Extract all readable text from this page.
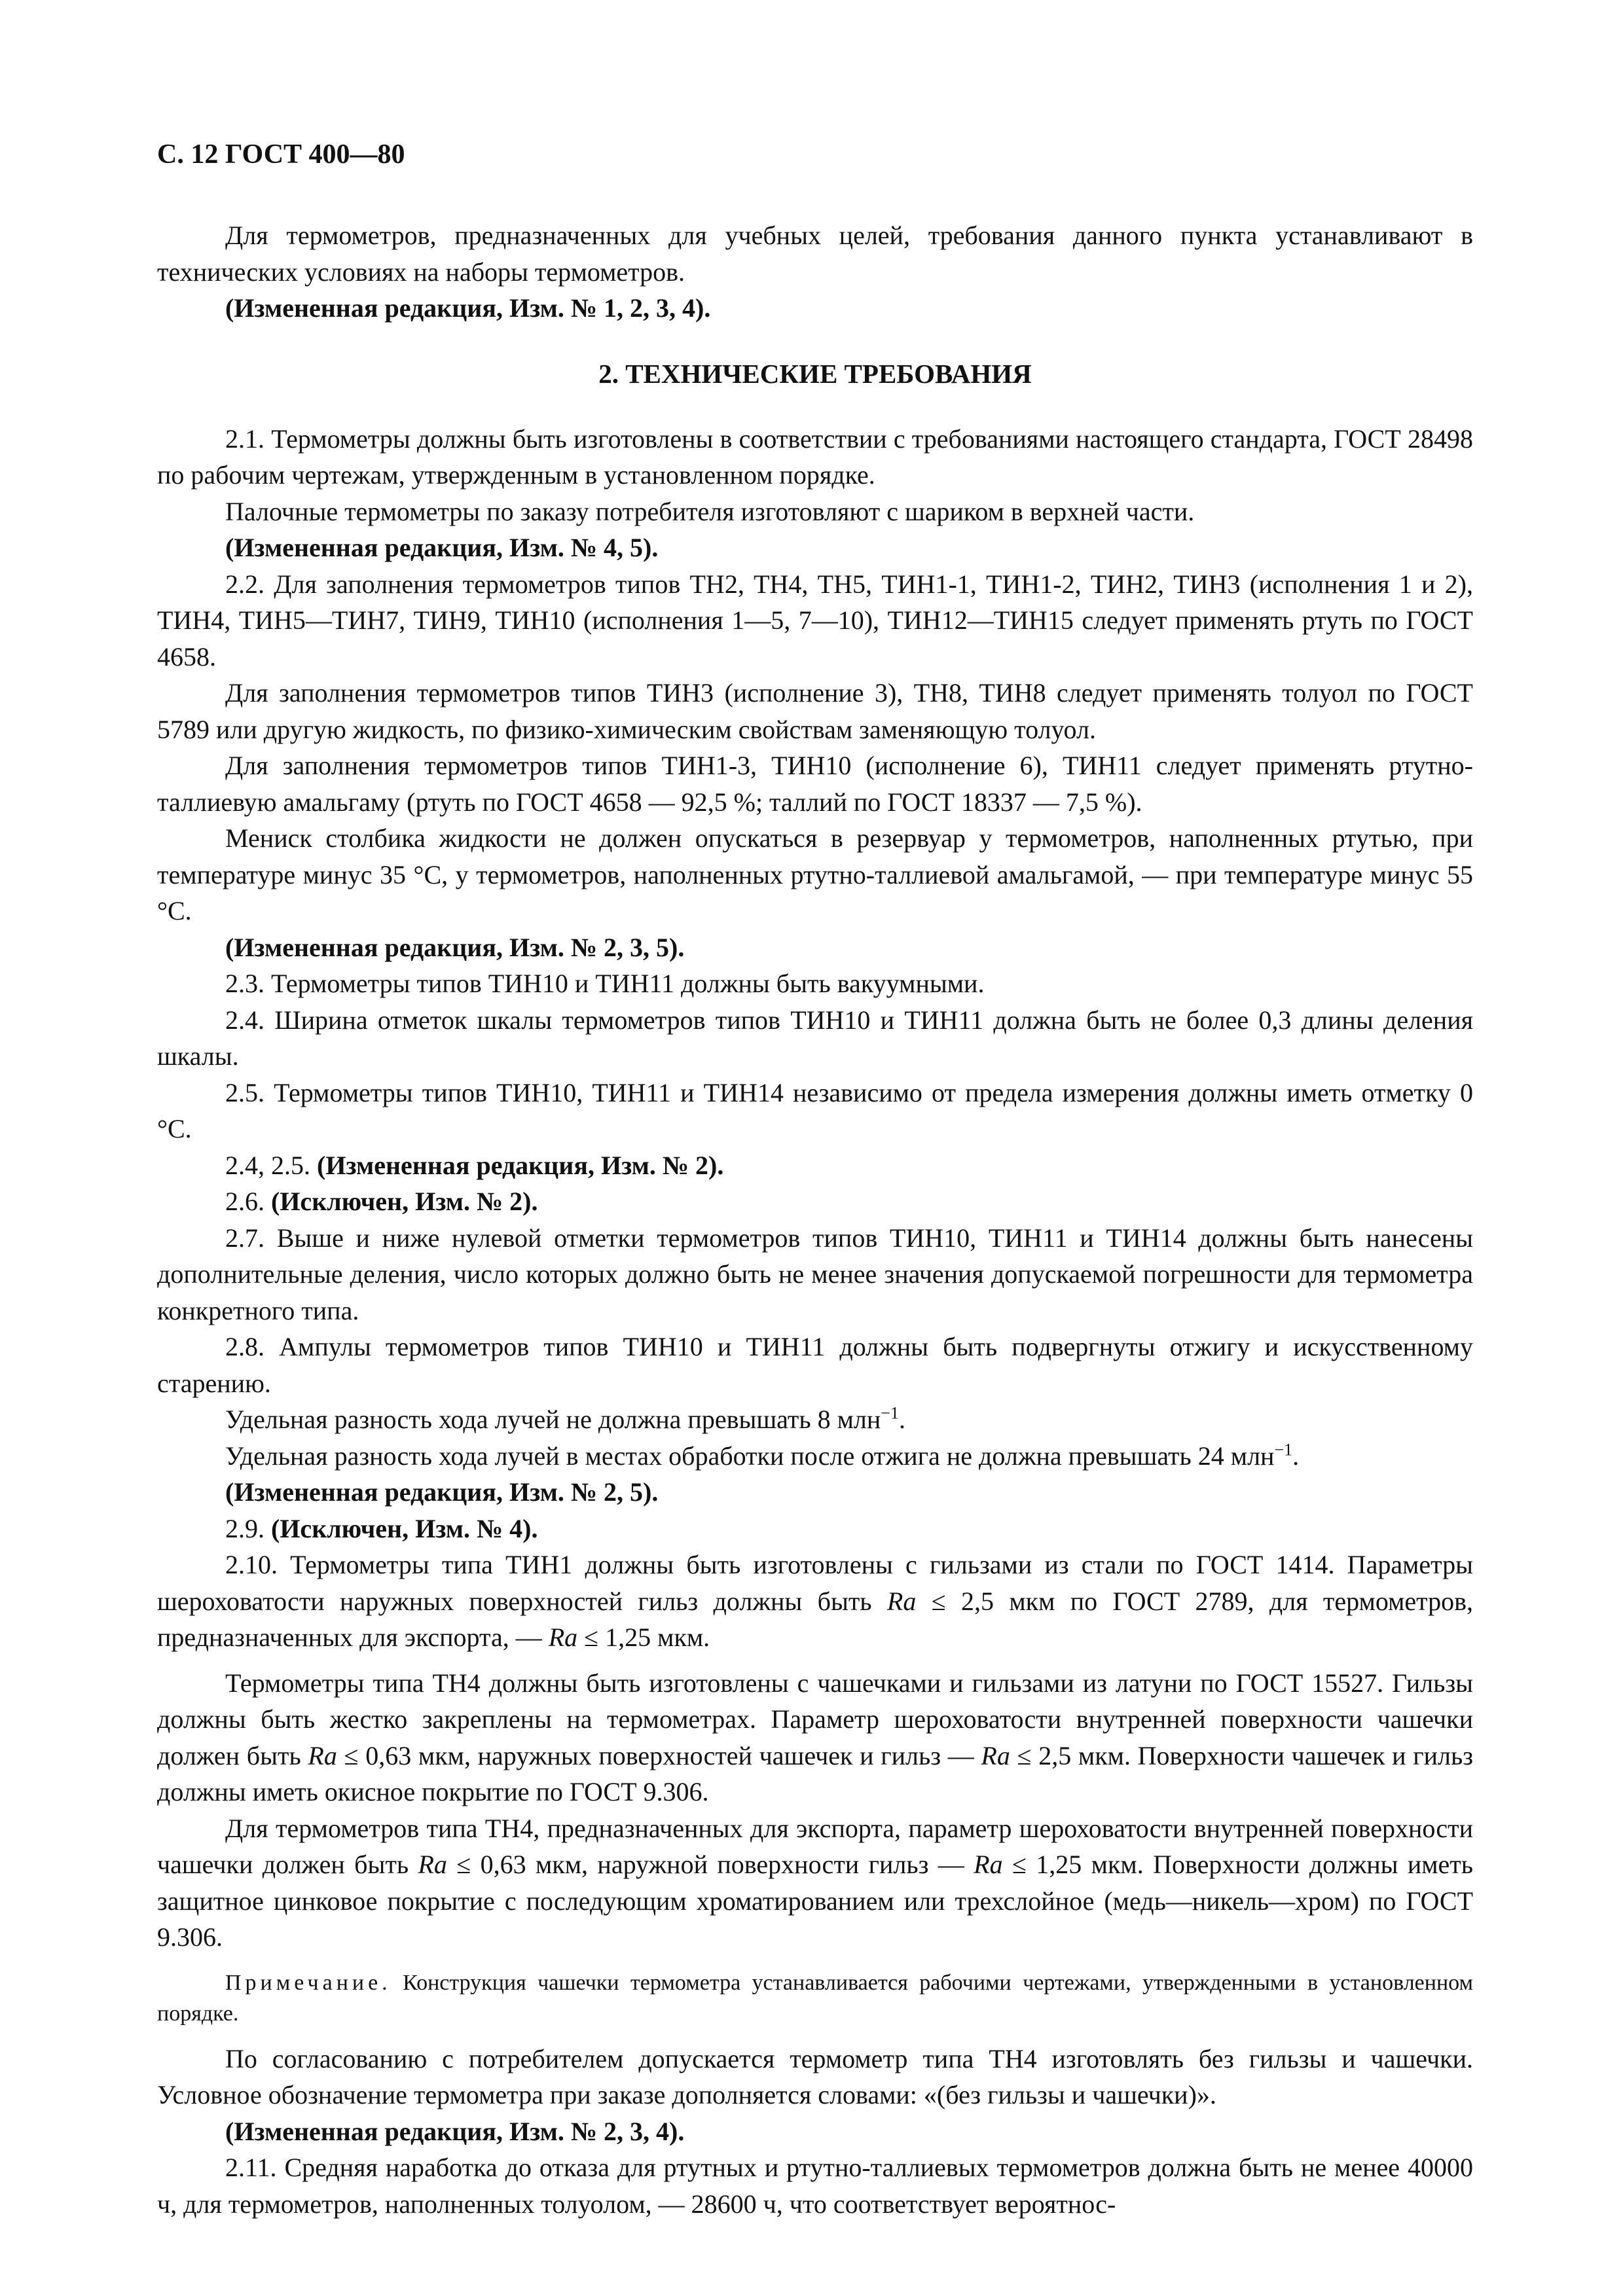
С. 12 ГОСТ 400—80

Для термометров, предназначенных для учебных целей, требования данного пункта устанавливают в технических условиях на наборы термометров.

(Измененная редакция, Изм. № 1, 2, 3, 4).

2. ТЕХНИЧЕСКИЕ ТРЕБОВАНИЯ

2.1. Термометры должны быть изготовлены в соответствии с требованиями настоящего стандарта, ГОСТ 28498 по рабочим чертежам, утвержденным в установленном порядке.

Палочные термометры по заказу потребителя изготовляют с шариком в верхней части.

(Измененная редакция, Изм. № 4, 5).

2.2. Для заполнения термометров типов ТН2, ТН4, ТН5, ТИН1-1, ТИН1-2, ТИН2, ТИН3 (исполнения 1 и 2), ТИН4, ТИН5—ТИН7, ТИН9, ТИН10 (исполнения 1—5, 7—10), ТИН12—ТИН15 следует применять ртуть по ГОСТ 4658.

Для заполнения термометров типов ТИН3 (исполнение 3), ТН8, ТИН8 следует применять толуол по ГОСТ 5789 или другую жидкость, по физико-химическим свойствам заменяющую толуол.

Для заполнения термометров типов ТИН1-3, ТИН10 (исполнение 6), ТИН11 следует применять ртутно-таллиевую амальгаму (ртуть по ГОСТ 4658 — 92,5 %; таллий по ГОСТ 18337 — 7,5 %).

Мениск столбика жидкости не должен опускаться в резервуар у термометров, наполненных ртутью, при температуре минус 35 °С, у термометров, наполненных ртутно-таллиевой амальгамой, — при температуре минус 55 °С.

(Измененная редакция, Изм. № 2, 3, 5).

2.3. Термометры типов ТИН10 и ТИН11 должны быть вакуумными.

2.4. Ширина отметок шкалы термометров типов ТИН10 и ТИН11 должна быть не более 0,3 длины деления шкалы.

2.5. Термометры типов ТИН10, ТИН11 и ТИН14 независимо от предела измерения должны иметь отметку 0 °С.

2.4, 2.5. (Измененная редакция, Изм. № 2).

2.6. (Исключен, Изм. № 2).

2.7. Выше и ниже нулевой отметки термометров типов ТИН10, ТИН11 и ТИН14 должны быть нанесены дополнительные деления, число которых должно быть не менее значения допускаемой погрешности для термометра конкретного типа.

2.8. Ампулы термометров типов ТИН10 и ТИН11 должны быть подвергнуты отжигу и искусственному старению.

Удельная разность хода лучей не должна превышать 8 млн$^{-1}$.

Удельная разность хода лучей в местах обработки после отжига не должна превышать 24 млн$^{-1}$.

(Измененная редакция, Изм. № 2, 5).

2.9. (Исключен, Изм. № 4).

2.10. Термометры типа ТИН1 должны быть изготовлены с гильзами из стали по ГОСТ 1414. Параметры шероховатости наружных поверхностей гильз должны быть Ra ≤ 2,5 мкм по ГОСТ 2789, для термометров, предназначенных для экспорта, — Ra ≤ 1,25 мкм.

Термометры типа ТН4 должны быть изготовлены с чашечками и гильзами из латуни по ГОСТ 15527. Гильзы должны быть жестко закреплены на термометрах. Параметр шероховатости внутренней поверхности чашечки должен быть Ra ≤ 0,63 мкм, наружных поверхностей чашечек и гильз — Ra ≤ 2,5 мкм. Поверхности чашечек и гильз должны иметь окисное покрытие по ГОСТ 9.306.

Для термометров типа ТН4, предназначенных для экспорта, параметр шероховатости внутренней поверхности чашечки должен быть Ra ≤ 0,63 мкм, наружной поверхности гильз — Ra ≤ 1,25 мкм. Поверхности должны иметь защитное цинковое покрытие с последующим хроматированием или трехслойное (медь—никель—хром) по ГОСТ 9.306.

Примечание. Конструкция чашечки термометра устанавливается рабочими чертежами, утвержденными в установленном порядке.

По согласованию с потребителем допускается термометр типа ТН4 изготовлять без гильзы и чашечки. Условное обозначение термометра при заказе дополняется словами: «(без гильзы и чашечки)».

(Измененная редакция, Изм. № 2, 3, 4).

2.11. Средняя наработка до отказа для ртутных и ртутно-таллиевых термометров должна быть не менее 40000 ч, для термометров, наполненных толуолом, — 28600 ч, что соответствует вероятнос-
